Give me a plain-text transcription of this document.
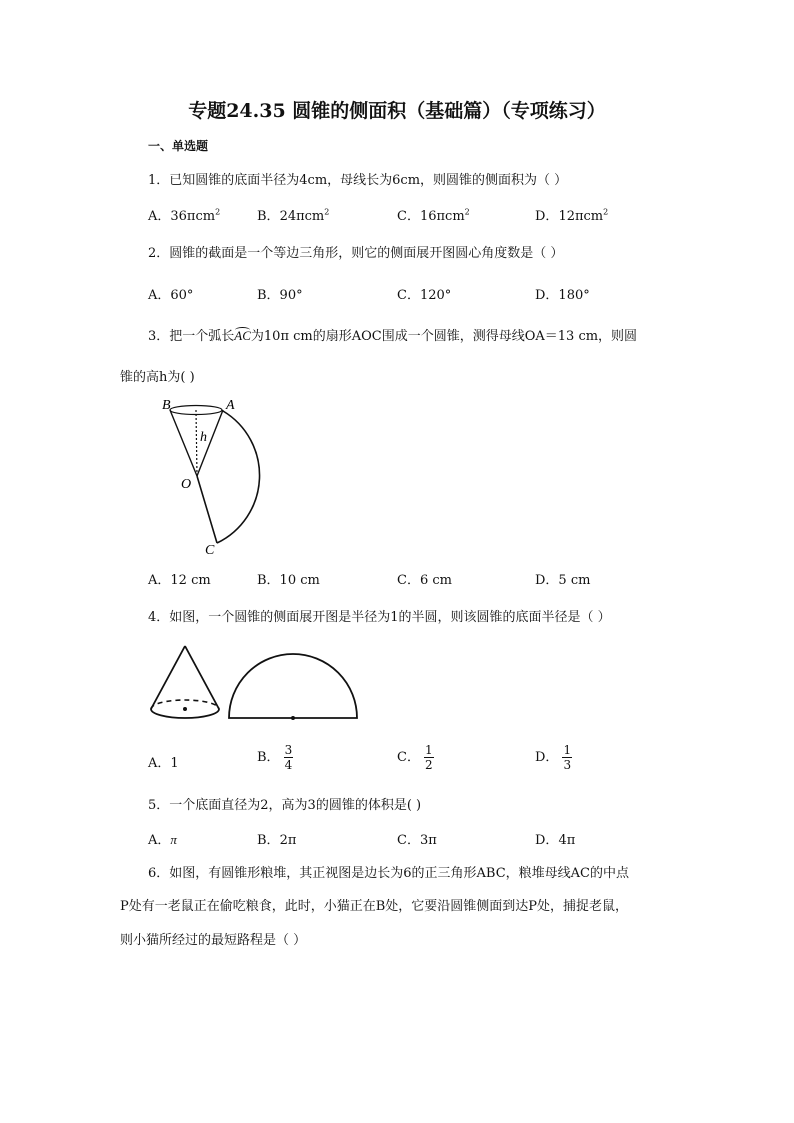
专题24.35 圆锥的侧面积（基础篇）（专项练习）
一、单选题
1．已知圆锥的底面半径为4cm，母线长为6cm，则圆锥的侧面积为（ ）
A．36πcm$^2$	B．24πcm$^2$	C．16πcm$^2$	D．12πcm$^2$
2．圆锥的截面是一个等边三角形，则它的侧面展开图圆心角度数是（ ）
A．60°	B．90°	C．120°	D．180°
3．把一个弧长AC为10π cm的扇形AOC围成一个圆锥，测得母线OA＝13 cm，则圆
锥的高h为( )
B	A
h
O
C
A．12 cm	B．10 cm	C．6 cm	D．5 cm
4．如图，一个圆锥的侧面展开图是半径为1的半圆，则该圆锥的底面半径是（ ）
A．1	B． $\frac{3}{4}$	C． $\frac{1}{2}$	D． $\frac{1}{3}$
5．一个底面直径为2，高为3的圆锥的体积是( )
A．π	B．2π	C．3π	D．4π
6．如图，有圆锥形粮堆，其正视图是边长为6的正三角形ABC，粮堆母线AC的中点
P处有一老鼠正在偷吃粮食，此时，小猫正在B处，它要沿圆锥侧面到达P处，捕捉老鼠，
则小猫所经过的最短路程是（ ）
